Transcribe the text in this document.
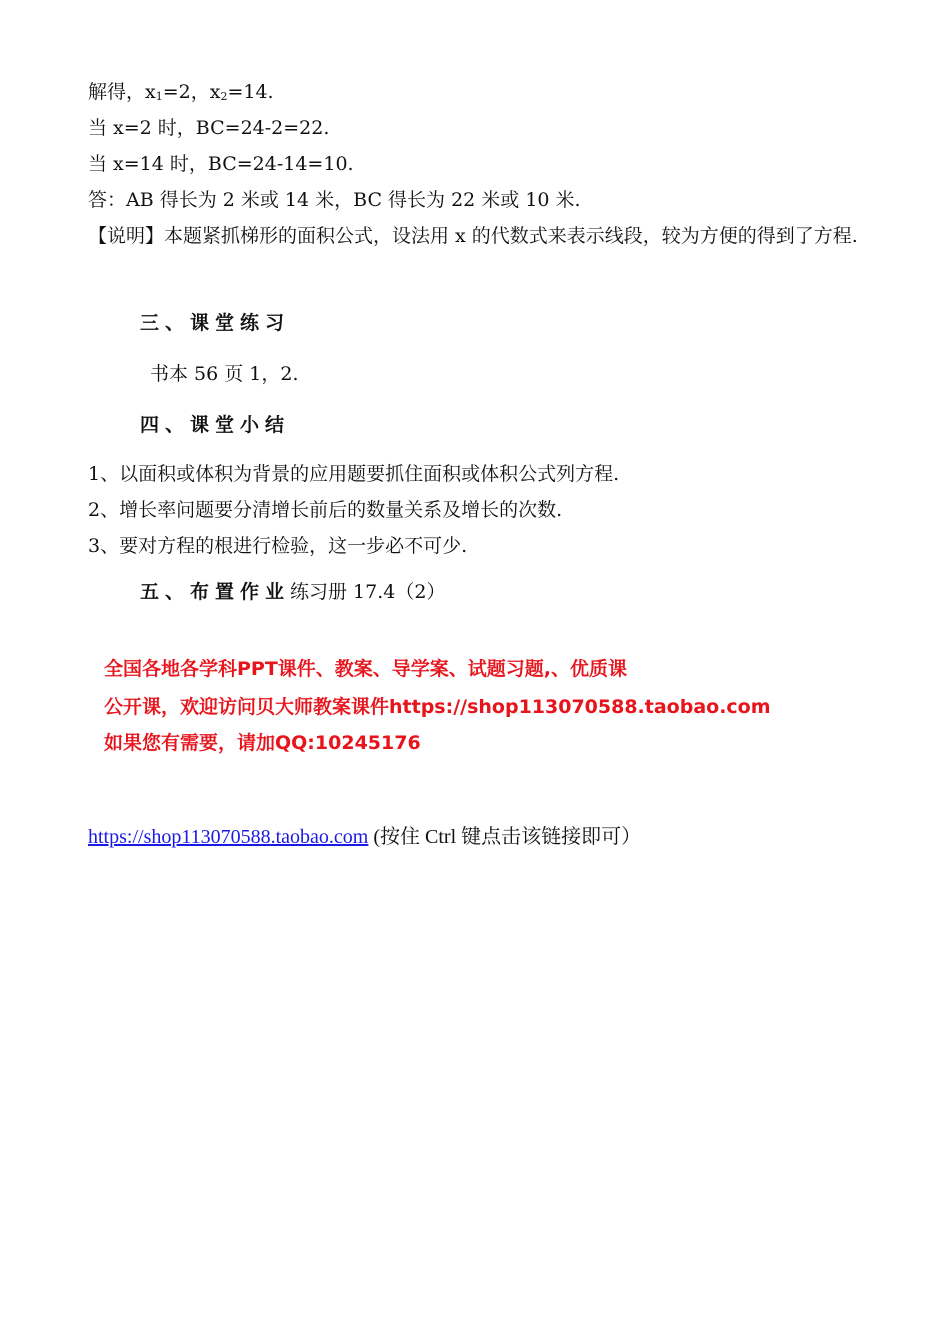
解得，$x_1=2$，$x_2=14$.
当 x=2 时，BC=24-2=22.
当 x=14 时，BC=24-14=10.
答：AB 得长为 2 米或 14 米，BC 得长为 22 米或 10 米.
【说明】本题紧抓梯形的面积公式，设法用 x 的代数式来表示线段，较为方便的得到了方程.
三、课堂练习
书本 56 页 1，2.
四、课堂小结
1、以面积或体积为背景的应用题要抓住面积或体积公式列方程.
2、增长率问题要分清增长前后的数量关系及增长的次数.
3、要对方程的根进行检验，这一步必不可少.
五、布置作业练习册 17.4（2）
全国各地各学科PPT课件、教案、导学案、试题习题,、优质课
公开课，欢迎访问贝大师教案课件https://shop113070588.taobao.com
如果您有需要，请加QQ:10245176
https://shop113070588.taobao.com (按住 Ctrl 键点击该链接即可）
